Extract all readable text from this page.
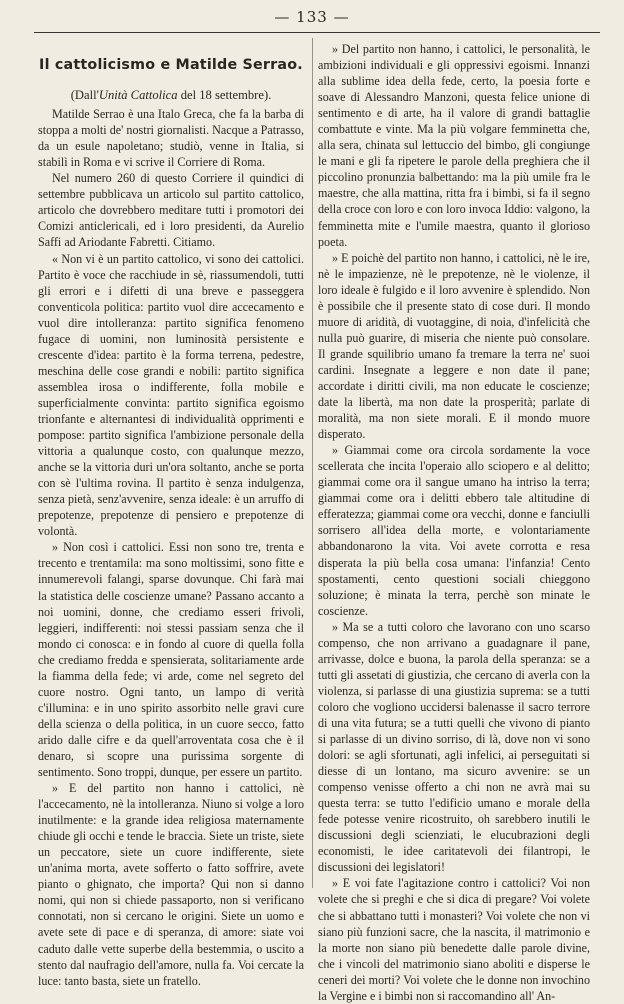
— 133 —
Il cattolicismo e Matilde Serrao.
(Dall'Unità Cattolica del 18 settembre).

Matilde Serrao è una Italo Greca, che fa la barba di stoppa a molti de' nostri giornalisti. Nacque a Patrasso, da un esule napoletano; studiò, venne in Italia, si stabilì in Roma e vi scrive il Corriere di Roma.

Nel numero 260 di questo Corriere il quindici di settembre pubblicava un articolo sul partito cattolico, articolo che dovrebbero meditare tutti i promotori dei Comizi anticlericali, ed i loro presidenti, da Aurelio Saffi ad Ariodante Fabretti. Citiamo.

« Non vi è un partito cattolico, vi sono dei cattolici. Partito è voce che racchiude in sè, riassumendoli, tutti gli errori e i difetti di una breve e passeggera conventicola politica: partito vuol dire accecamento e vuol dire intolleranza: partito significa fenomeno fugace di uomini, non luminosità persistente e crescente d'idea: partito è la forma terrena, pedestre, meschina delle cose grandi e nobili: partito significa assemblea irosa o indifferente, folla mobile e superficialmente convinta: partito significa egoismo trionfante e alternantesi di individualità opprimenti e pompose: partito significa l'ambizione personale della vittoria a qualunque costo, con qualunque mezzo, anche se la vittoria duri un'ora soltanto, anche se porta con sè l'ultima rovina. Il partito è senza indulgenza, senza pietà, senz'avvenire, senza ideale: è un arruffo di prepotenze, prepotenze di pensiero e prepotenze di volontà.

» Non così i cattolici. Essi non sono tre, trenta e trecento e trentamila: ma sono moltissimi, sono fitte e innumerevoli falangi, sparse dovunque. Chi farà mai la statistica delle coscienze umane? Passano accanto a noi uomini, donne, che crediamo esseri frivoli, leggieri, indifferenti: noi stessi passiam senza che il mondo ci conosca: e in fondo al cuore di quella folla che crediamo fredda e spensierata, solitariamente arde la fiamma della fede; vi arde, come nel segreto del cuore nostro. Ogni tanto, un lampo di verità c'illumina: e in uno spirito assorbito nelle gravi cure della scienza o della politica, in un cuore secco, fatto arido dalle cifre e da quell'arroventata cosa che è il denaro, si scopre una purissima sorgente di sentimento. Sono troppi, dunque, per essere un partito.

» E del partito non hanno i cattolici, nè l'accecamento, nè la intolleranza. Niuno si volge a loro inutilmente: e la grande idea religiosa maternamente chiude gli occhi e tende le braccia. Siete un triste, siete un peccatore, siete un cuore indifferente, siete un'anima morta, avete sofferto o fatto soffrire, avete pianto o ghignato, che importa? Qui non si danno nomi, qui non si chiede passaporto, non si verificano connotati, non si cercano le origini. Siete un uomo e avete sete di pace e di speranza, di amore: siate voi caduto dalle vette superbe della bestemmia, o uscito a stento dal naufragio dell'amore, nulla fa. Voi cercate la luce: tanto basta, siete un fratello.

» Del partito non hanno, i cattolici, le personalità, le ambizioni individuali e gli oppressivi egoismi. Innanzi alla sublime idea della fede, certo, la poesia forte e soave di Alessandro Manzoni, questa felice unione di sentimento e di arte, ha il valore di grandi battaglie combattute e vinte. Ma la più volgare femminetta che, alla sera, chinata sul lettuccio del bimbo, gli congiunge le mani e gli fa ripetere le parole della preghiera che il piccolino pronunzia balbettando: ma la più umile fra le maestre, che alla mattina, ritta fra i bimbi, si fa il segno della croce con loro e con loro invoca Iddio: valgono, la femminetta mite e l'umile maestra, quanto il glorioso poeta.

» E poichè del partito non hanno, i cattolici, nè le ire, nè le impazienze, nè le prepotenze, nè le violenze, il loro ideale è fulgido e il loro avvenire è splendido. Non è possibile che il presente stato di cose duri. Il mondo muore di aridità, di vuotaggine, di noia, d'infelicità che nulla può guarire, di miseria che niente può consolare. Il grande squilibrio umano fa tremare la terra ne' suoi cardini. Insegnate a leggere e non date il pane; accordate i diritti civili, ma non educate le coscienze; date la libertà, ma non date la prosperità; parlate di moralità, ma non siete morali. E il mondo muore disperato.

» Giammai come ora circola sordamente la voce scellerata che incita l'operaio allo sciopero e al delitto; giammai come ora il sangue umano ha intriso la terra; giammai come ora i delitti ebbero tale altitudine di efferatezza; giammai come ora vecchi, donne e fanciulli sorrisero all'idea della morte, e volontariamente abbandonarono la vita. Voi avete corrotta e resa disperata la più bella cosa umana: l'infanzia! Cento spostamenti, cento questioni sociali chieggono soluzione; è minata la terra, perchè son minate le coscienze.

» Ma se a tutti coloro che lavorano con uno scarso compenso, che non arrivano a guadagnare il pane, arrivasse, dolce e buona, la parola della speranza: se a tutti gli assetati di giustizia, che cercano di averla con la violenza, si parlasse di una giustizia suprema: se a tutti coloro che vogliono uccidersi balenasse il sacro terrore di una vita futura; se a tutti quelli che vivono di pianto si parlasse di un divino sorriso, di là, dove non vi sono dolori: se agli sfortunati, agli infelici, ai perseguitati si diesse di un lontano, ma sicuro avvenire: se un compenso venisse offerto a chi non ne avrà mai su questa terra: se tutto l'edificio umano e morale della fede potesse venire ricostruito, oh sarebbero inutili le discussioni degli scienziati, le elucubrazioni degli economisti, le idee caritatevoli dei filantropi, le discussioni dei legislatori!

» E voi fate l'agitazione contro i cattolici? Voi non volete che si preghi e che si dica di pregare? Voi volete che si abbattano tutti i monasteri? Voi volete che non vi siano più funzioni sacre, che la nascita, il matrimonio e la morte non siano più benedette dalle parole divine, che i vincoli del matrimonio siano aboliti e disperse le ceneri dei morti? Voi volete che le donne non invochino la Vergine e i bimbi non si raccomandino all' An-
